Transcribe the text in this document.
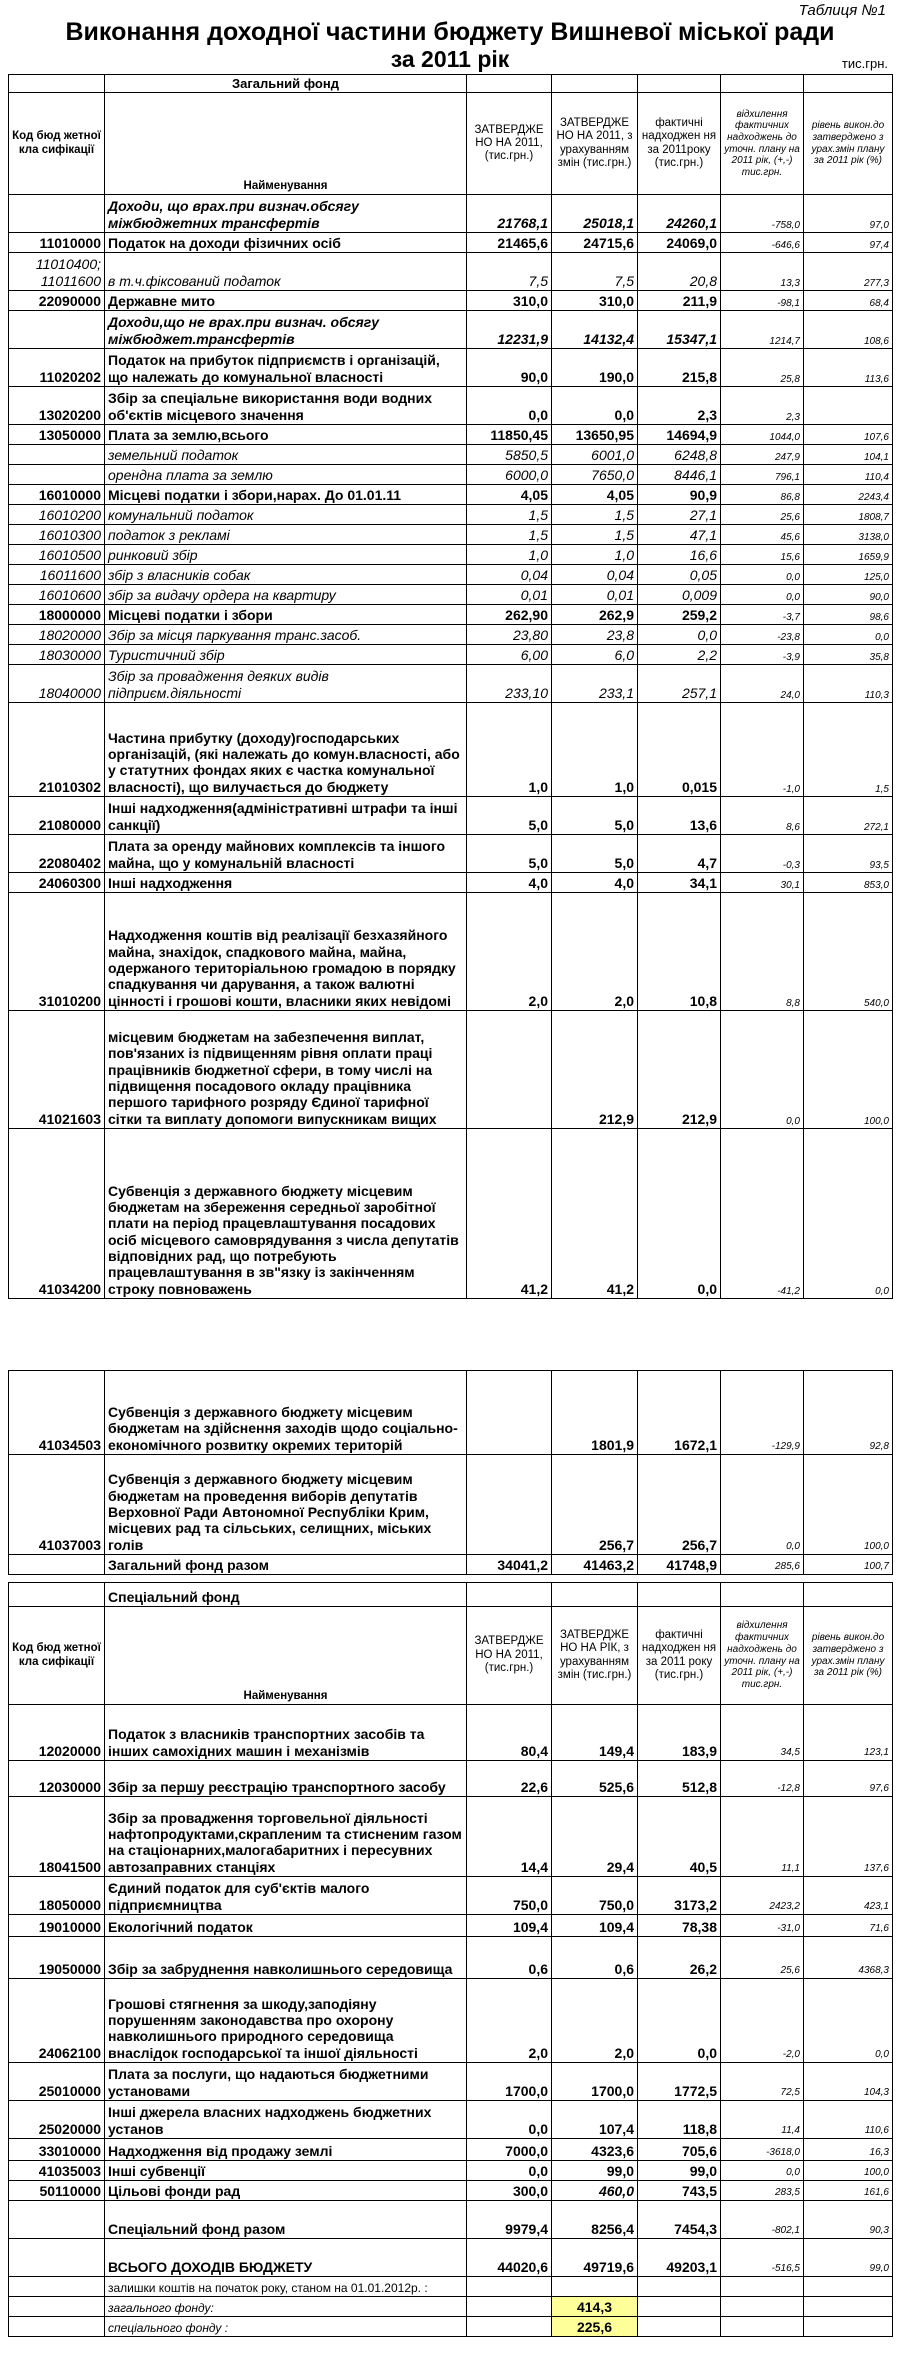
Таблиця №1
Виконання доходної частини бюджету Вишневої міської ради
за 2011 рік	тис.грн.
	Загальний фонд					
Код бюд жетної кла сифікації	Найменування	ЗАТВЕРДЖЕ НО НА 2011, (тис.грн.)	ЗАТВЕРДЖЕ НО НА 2011, з урахуванням змін (тис.грн.)	фактичні надходжен ня за 2011року (тис.грн.)	відхилення фактичних надходжень до уточн. плану на 2011 рік, (+,-) тис.грн.	рівень викон.до затверджено з урах.змін плану за 2011 рік (%)
	Доходи, що врах.при визнач.обсягу міжбюджетних трансфертів	21768,1	25018,1	24260,1	-758,0	97,0
11010000	Податок на доходи фізичних осіб	21465,6	24715,6	24069,0	-646,6	97,4
11010400; 11011600	в т.ч.фіксований податок	7,5	7,5	20,8	13,3	277,3
22090000	Державне мито	310,0	310,0	211,9	-98,1	68,4
	Доходи,що не врах.при визнач. обсягу міжбюджет.трансфертів	12231,9	14132,4	15347,1	1214,7	108,6
11020202	Податок на прибуток підприємств і організацій, що належать до комунальної власності	90,0	190,0	215,8	25,8	113,6
13020200	Збір за спеціальне використання води водних об'єктів місцевого значення	0,0	0,0	2,3	2,3	
13050000	Плата за землю,всього	11850,45	13650,95	14694,9	1044,0	107,6
	земельний податок	5850,5	6001,0	6248,8	247,9	104,1
	орендна плата за землю	6000,0	7650,0	8446,1	796,1	110,4
16010000	Місцеві податки і збори,нарах. До 01.01.11	4,05	4,05	90,9	86,8	2243,4
16010200	комунальний податок	1,5	1,5	27,1	25,6	1808,7
16010300	податок з рекламі	1,5	1,5	47,1	45,6	3138,0
16010500	ринковий збір	1,0	1,0	16,6	15,6	1659,9
16011600	збір з власників собак	0,04	0,04	0,05	0,0	125,0
16010600	збір за видачу ордера на квартиру	0,01	0,01	0,009	0,0	90,0
18000000	Місцеві податки і збори	262,90	262,9	259,2	-3,7	98,6
18020000	Збір за місця паркування транс.засоб.	23,80	23,8	0,0	-23,8	0,0
18030000	Туристичний збір	6,00	6,0	2,2	-3,9	35,8
18040000	Збір за провадження деяких видів підприєм.діяльності	233,10	233,1	257,1	24,0	110,3
21010302	Частина прибутку (доходу)господарських організацій, (які належать до комун.власності, або у статутних фондах яких є частка комунальної власності), що вилучається до бюджету	1,0	1,0	0,015	-1,0	1,5
21080000	Інші надходження(адміністративні штрафи та інші санкції)	5,0	5,0	13,6	8,6	272,1
22080402	Плата за оренду майнових комплексів та іншого майна, що у комунальній власності	5,0	5,0	4,7	-0,3	93,5
24060300	Інші надходження	4,0	4,0	34,1	30,1	853,0
31010200	Надходження коштів від реалізації безхазяйного майна, знахідок, спадкового майна, майна, одержаного територіальною громадою в порядку спадкування чи дарування, а також валютні цінності і грошові кошти, власники яких невідомі	2,0	2,0	10,8	8,8	540,0
41021603	місцевим бюджетам на забезпечення виплат, пов'язаних із підвищенням рівня оплати праці працівників бюджетної сфери, в тому числі на підвищення посадового окладу працівника першого тарифного розряду Єдиної тарифної сітки та виплату допомоги випускникам вищих		212,9	212,9	0,0	100,0
41034200	Субвенція з державного бюджету місцевим бюджетам на збереження середньої заробітної плати на період працевлаштування посадових осіб місцевого самоврядування з числа депутатів відповідних рад, що потребують працевлаштування в зв"язку із закінченням строку повноважень	41,2	41,2	0,0	-41,2	0,0
41034503	Субвенція з державного бюджету місцевим бюджетам на здійснення заходів щодо соціально-економічного розвитку окремих територій		1801,9	1672,1	-129,9	92,8
41037003	Субвенція з державного бюджету місцевим бюджетам на проведення виборів депутатів Верховної Ради Автономної Республіки Крим, місцевих рад та сільських, селищних, міських голів		256,7	256,7	0,0	100,0
	Загальний фонд разом	34041,2	41463,2	41748,9	285,6	100,7
	Спеціальний фонд					
Код бюд жетної кла сифікації	Найменування	ЗАТВЕРДЖЕ НО НА 2011, (тис.грн.)	ЗАТВЕРДЖЕ НО НА РІК, з урахуванням змін (тис.грн.)	фактичні надходжен ня за 2011 року (тис.грн.)	відхилення фактичних надходжень до уточн. плану на 2011 рік, (+,-) тис.грн.	рівень викон.до затверджено з урах.змін плану за 2011 рік (%)
12020000	Податок з власників транспортних засобів та інших самохідних машин і механізмів	80,4	149,4	183,9	34,5	123,1
12030000	Збір за першу реєстрацію транспортного засобу	22,6	525,6	512,8	-12,8	97,6
18041500	Збір за провадження торговельної діяльності нафтопродуктами,скрапленим та стисненим газом на стаціонарних,малогабаритних і пересувних автозаправних станціях	14,4	29,4	40,5	11,1	137,6
18050000	Єдиний податок для суб'єктів малого підприємництва	750,0	750,0	3173,2	2423,2	423,1
19010000	Екологічний податок	109,4	109,4	78,38	-31,0	71,6
19050000	Збір за забруднення навколишнього середовища	0,6	0,6	26,2	25,6	4368,3
24062100	Грошові стягнення за шкоду,заподіяну порушенням законодавства про охорону навколишнього природного середовища внаслідок господарської та іншої діяльності	2,0	2,0	0,0	-2,0	0,0
25010000	Плата за послуги, що надаються бюджетними установами	1700,0	1700,0	1772,5	72,5	104,3
25020000	Інші джерела власних надходжень бюджетних установ	0,0	107,4	118,8	11,4	110,6
33010000	Надходження від продажу землі	7000,0	4323,6	705,6	-3618,0	16,3
41035003	Інші субвенції	0,0	99,0	99,0	0,0	100,0
50110000	Цільові фонди рад	300,0	460,0	743,5	283,5	161,6
	Спеціальний фонд разом	9979,4	8256,4	7454,3	-802,1	90,3
	ВСЬОГО ДОХОДІВ БЮДЖЕТУ	44020,6	49719,6	49203,1	-516,5	99,0
	залишки коштів на початок року, станом на 01.01.2012р. :					
	загального фонду:		414,3			
	спеціального фонду :		225,6			
